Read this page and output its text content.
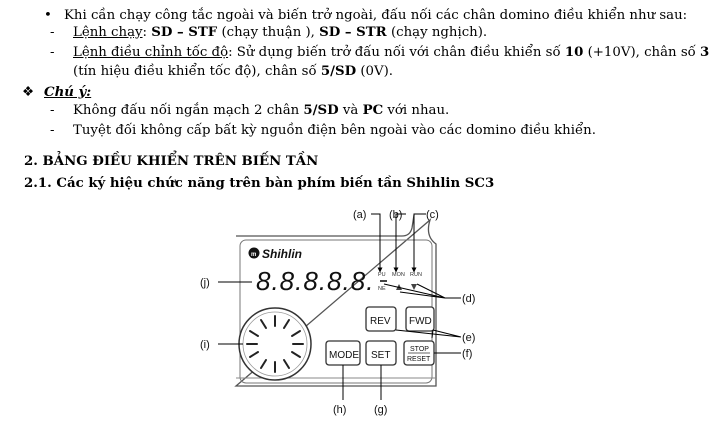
• Khi cần chạy công tắc ngoài và biến trở ngoài, đấu nối các chân domino điều khiển như sau:
- Lệnh chạy: SD – STF (chạy thuận ), SD – STR (chạy nghịch).
- Lệnh điều chỉnh tốc độ: Sử dụng biến trở đấu nối với chân điều khiển số 10 (+10V), chân số 3
(tín hiệu điều khiển tốc độ), chân số 5/SD (0V).
❖ Chú ý:
- Không đấu nối ngắn mạch 2 chân 5/SD và PC với nhau.
- Tuyệt đối không cấp bất kỳ nguồn điện bên ngoài vào các domino điều khiển.
2. BẢNG ĐIỀU KHIỂN TRÊN BIẾN TẦN
2.1. Các ký hiệu chức năng trên bàn phím biến tần Shihlin SC3
m Shihlin
8.8.8.8.8. PU MON RUN
NE
REV FWD
MODE SET
STOP
RESET
(a) (b) (c)
(d)
(e)
(f)
(g)
(h)
(i)
(j)
